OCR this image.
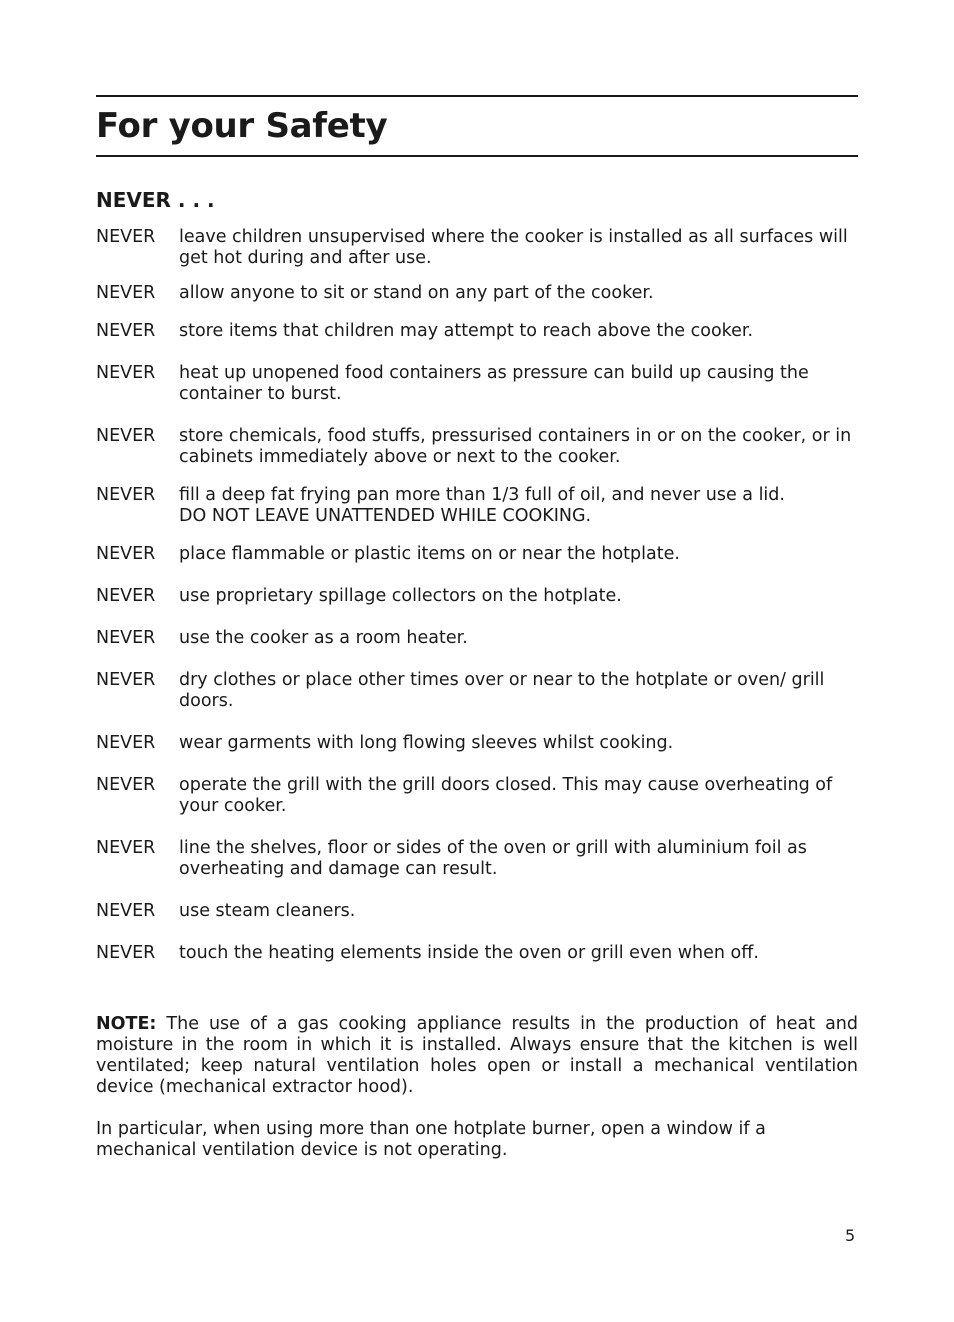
For your Safety
NEVER . . .
NEVER	leave children unsupervised where the cooker is installed as all surfaces will get hot during and after use.
NEVER	allow anyone to sit or stand on any part of the cooker.
NEVER	store items that children may attempt to reach above the cooker.
NEVER	heat up unopened food containers as pressure can build up causing the container to burst.
NEVER	store chemicals, food stuffs, pressurised containers in or on the cooker, or in cabinets immediately above or next to the cooker.
NEVER	fill a deep fat frying pan more than 1/3 full of oil, and never use a lid.
DO NOT LEAVE UNATTENDED WHILE COOKING.
NEVER	place flammable or plastic items on or near the hotplate.
NEVER	use proprietary spillage collectors on the hotplate.
NEVER	use the cooker as a room heater.
NEVER	dry clothes or place other times over or near to the hotplate or oven/ grill doors.
NEVER	wear garments with long flowing sleeves whilst cooking.
NEVER	operate the grill with the grill doors closed. This may cause overheating of your cooker.
NEVER	line the shelves, floor or sides of the oven or grill with aluminium foil as overheating and damage can result.
NEVER	use steam cleaners.
NEVER	touch the heating elements inside the oven or grill even when off.
NOTE: The use of a gas cooking appliance results in the production of heat and moisture in the room in which it is installed. Always ensure that the kitchen is well ventilated; keep natural ventilation holes open or install a mechanical ventilation device (mechanical extractor hood).
In particular, when using more than one hotplate burner, open a window if a mechanical ventilation device is not operating.
5
